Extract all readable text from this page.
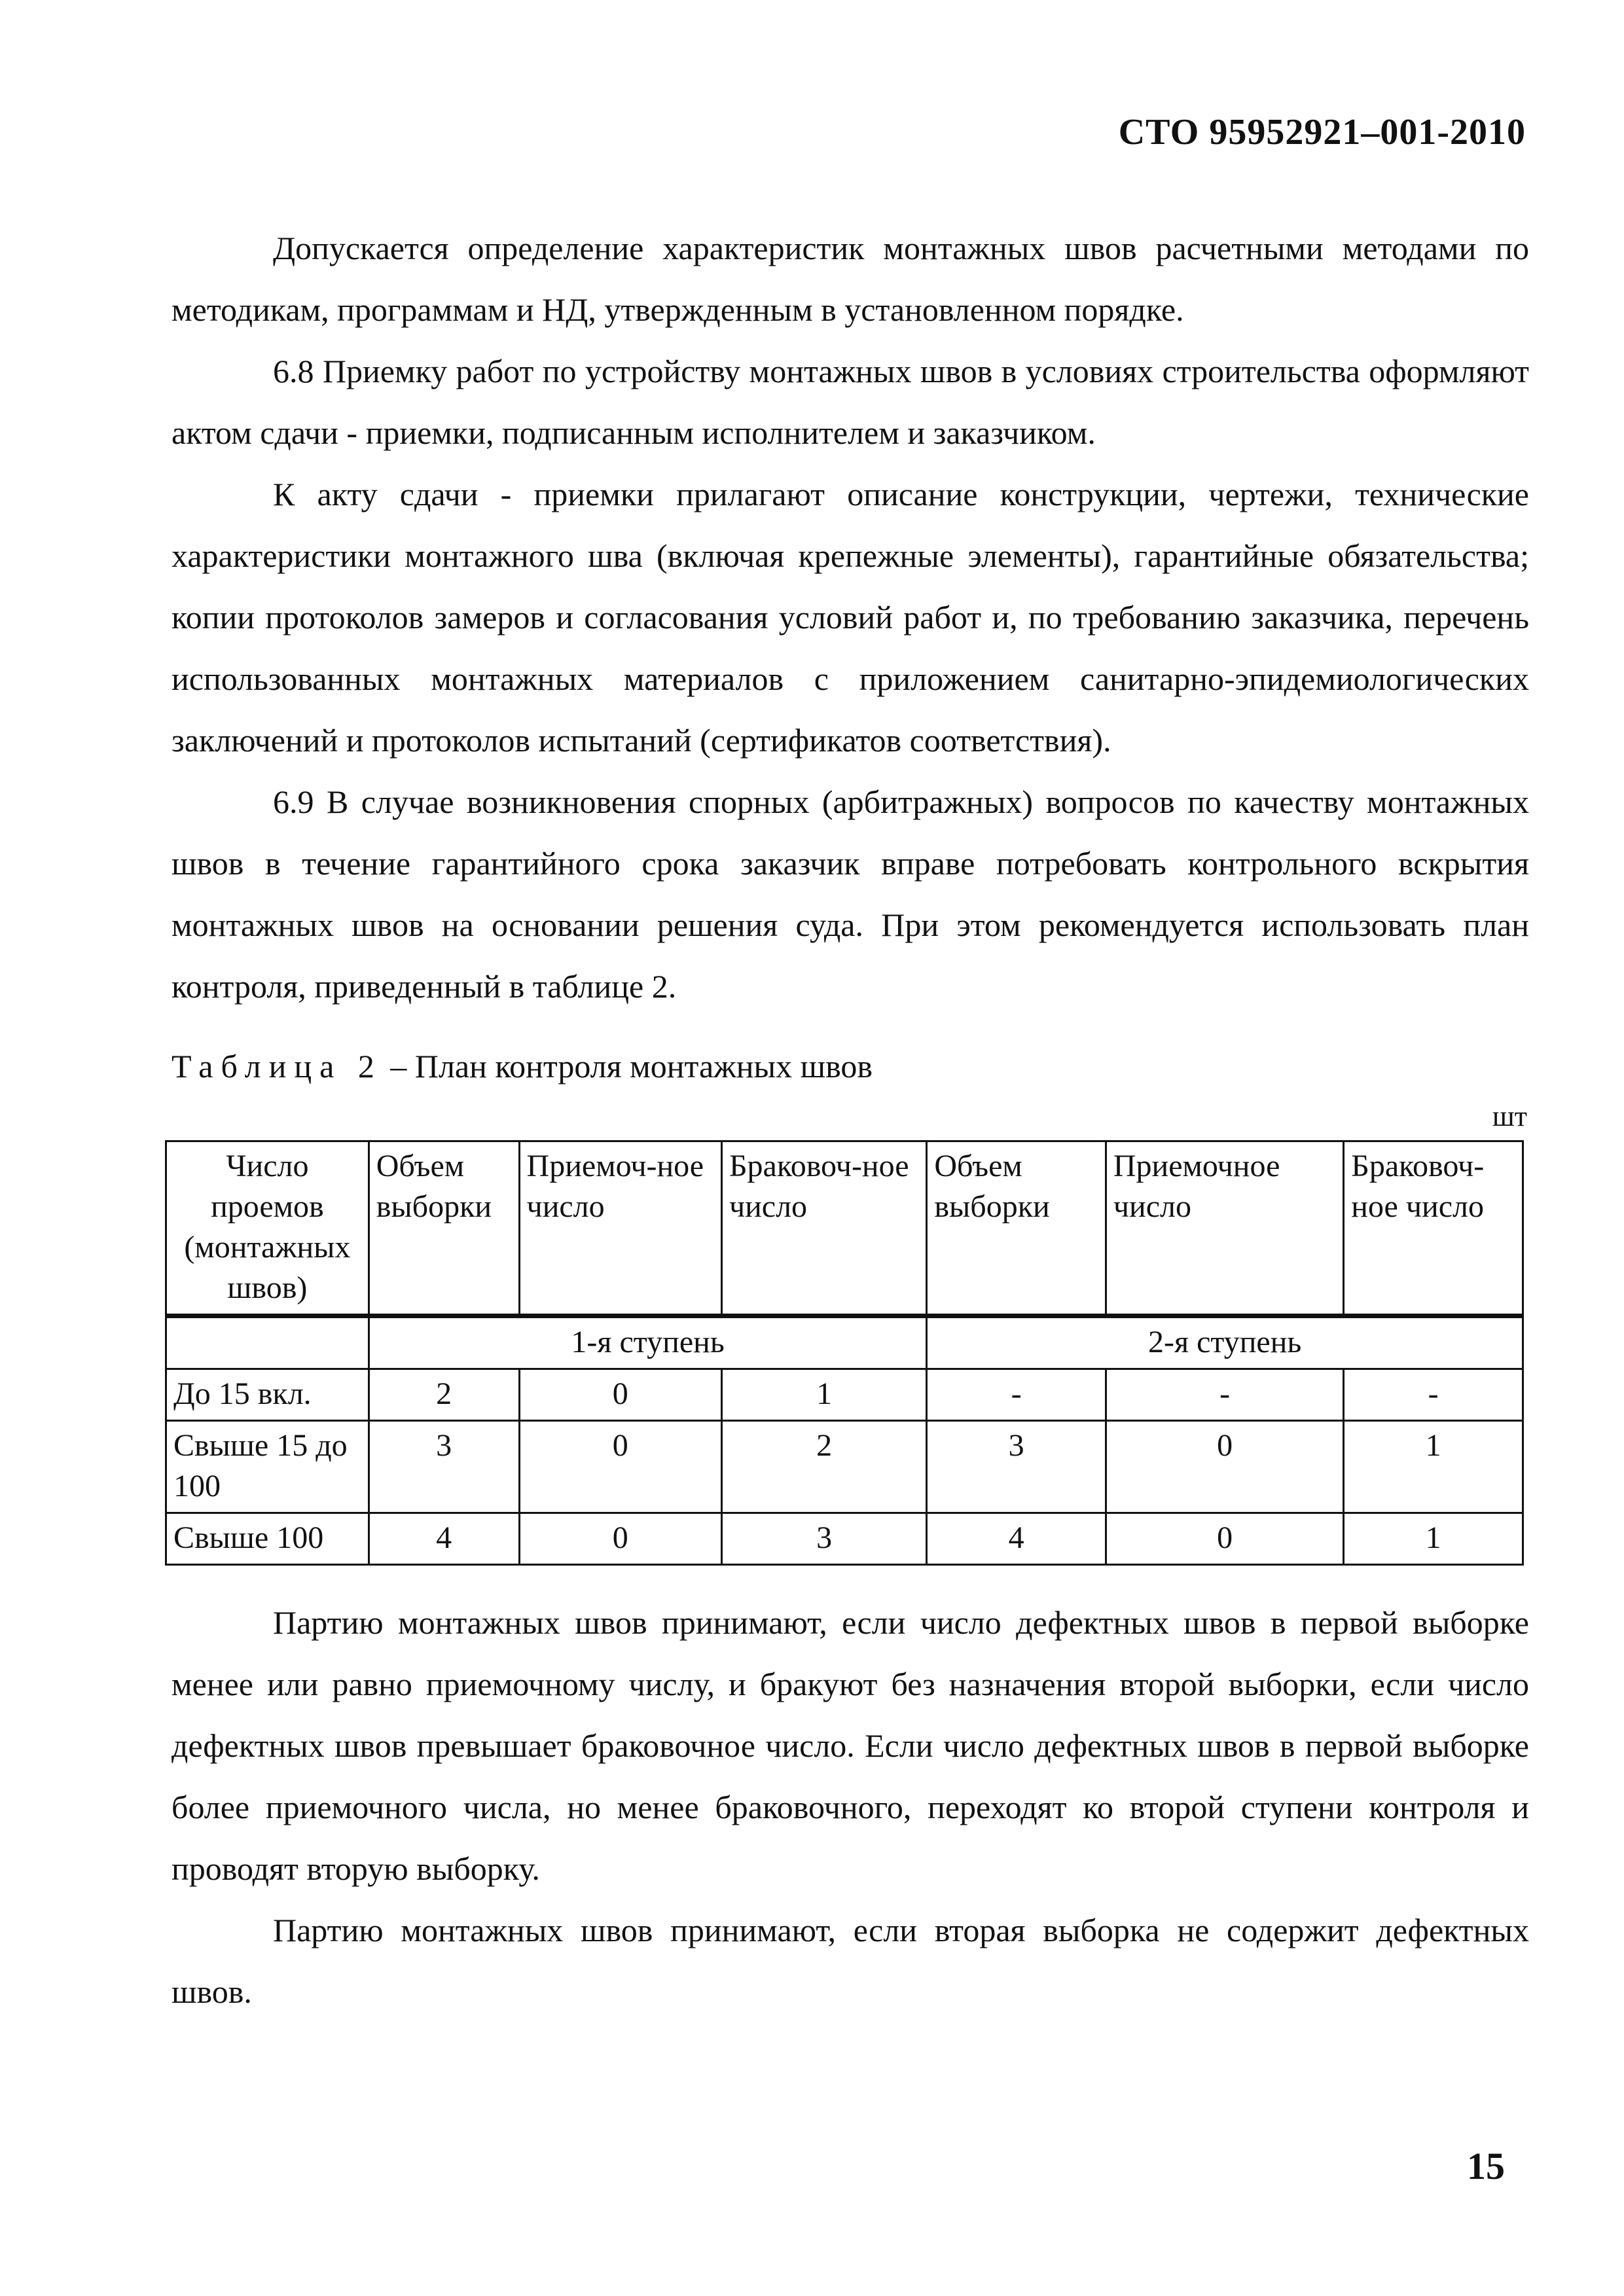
СТО 95952921–001-2010

Допускается определение характеристик монтажных швов расчетными методами по методикам, программам и НД, утвержденным в установленном порядке.

6.8 Приемку работ по устройству монтажных швов в условиях строительства оформляют актом сдачи - приемки, подписанным исполнителем и заказчиком.

К акту сдачи - приемки прилагают описание конструкции, чертежи, технические характеристики монтажного шва (включая крепежные элементы), гарантийные обязательства; копии протоколов замеров и согласования условий работ и, по требованию заказчика, перечень использованных монтажных материалов с приложением санитарно-эпидемиологических заключений и протоколов испытаний (сертификатов соответствия).

6.9 В случае возникновения спорных (арбитражных) вопросов по качеству монтажных швов в течение гарантийного срока заказчик вправе потребовать контрольного вскрытия монтажных швов на основании решения суда. При этом рекомендуется использовать план контроля, приведенный в таблице 2.

Таблица 2 – План контроля монтажных швов

шт
Число проемов (монтажных швов)	Объем выборки	Приемоч-ное число	Браковоч-ное число	Объем выборки	Приемочное число	Браковоч-ное число
	1-я ступень			2-я ступень		
До 15 вкл.	2	0	1	-	-	-
Свыше 15 до 100	3	0	2	3	0	1
Свыше 100	4	0	3	4	0	1

Партию монтажных швов принимают, если число дефектных швов в первой выборке менее или равно приемочному числу, и бракуют без назначения второй выборки, если число дефектных швов превышает браковочное число. Если число дефектных швов в первой выборке более приемочного числа, но менее браковочного, переходят ко второй ступени контроля и проводят вторую выборку.

Партию монтажных швов принимают, если вторая выборка не содержит дефектных швов.

15
